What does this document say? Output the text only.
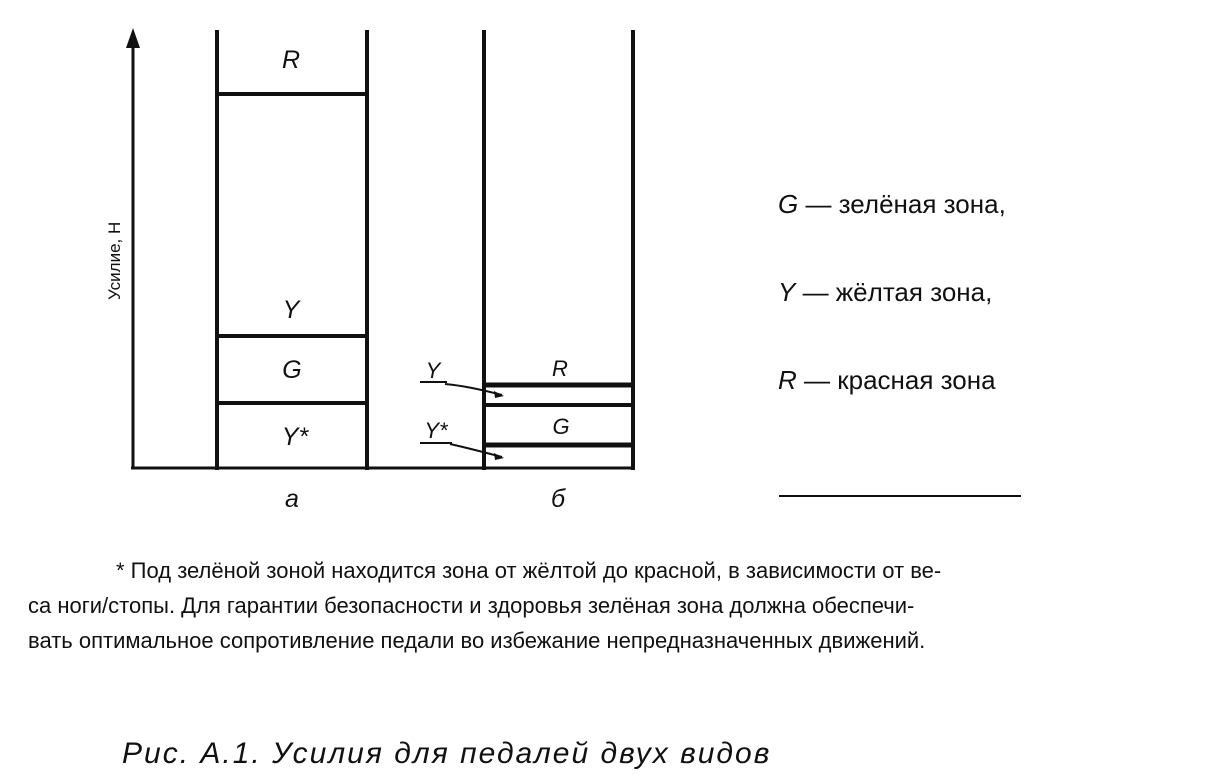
Усилие, Н
R
Y
G
Y*
а
R
G
б
Y
Y*
G — зелёная зона,
Y — жёлтая зона,
R — красная зона

* Под зелёной зоной находится зона от жёлтой до красной, в зависимости от ве-

са ноги/стопы. Для гарантии безопасности и здоровья зелёная зона должна обеспечи-

вать оптимальное сопротивление педали во избежание непредназначенных движений.

Рис. А.1. Усилия для педалей двух видов
